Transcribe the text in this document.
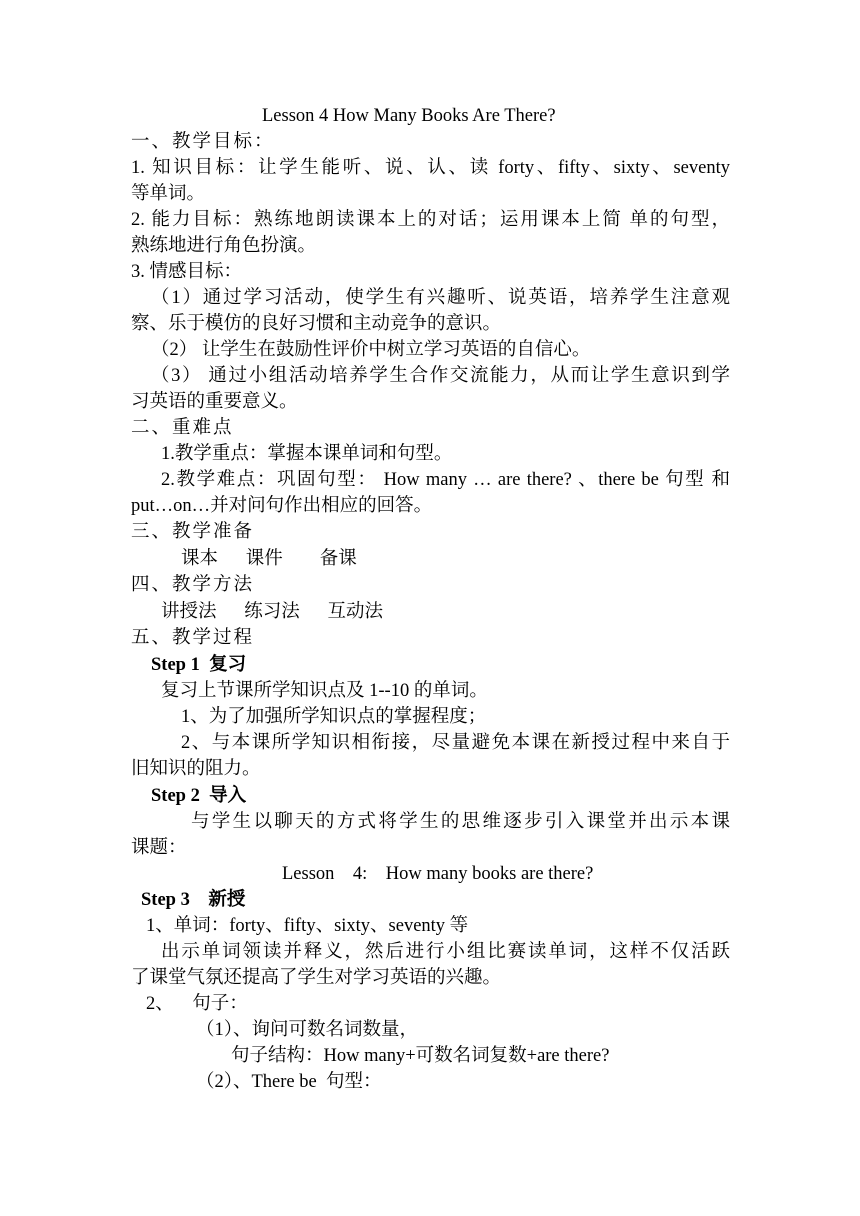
Lesson 4 How Many Books Are There?
一、教学目标：
1. 知识目标：让学生能听、说、认、读 forty、fifty、sixty、seventy
等单词。
2. 能力目标：熟练地朗读课本上的对话；运用课本上简 单的句型，
熟练地进行角色扮演。
3. 情感目标：
（1）通过学习活动，使学生有兴趣听、说英语，培养学生注意观
察、乐于模仿的良好习惯和主动竞争的意识。
（2） 让学生在鼓励性评价中树立学习英语的自信心。
（3） 通过小组活动培养学生合作交流能力，从而让学生意识到学
习英语的重要意义。
二、重难点
1.教学重点：掌握本课单词和句型。
2.教学难点：巩固句型： How many … are there? 、there be 句型 和
put…on…并对问句作出相应的回答。
三、教学准备
课本      课件        备课
四、教学方法
讲授法      练习法      互动法
五、教学过程
Step 1  复习
复习上节课所学知识点及 1--10 的单词。
1、为了加强所学知识点的掌握程度；
2、与本课所学知识相衔接，尽量避免本课在新授过程中来自于
旧知识的阻力。
Step 2  导入
与学生以聊天的方式将学生的思维逐步引入课堂并出示本课
课题：
Lesson    4:    How many books are there?
Step 3    新授
1、单词：forty、fifty、sixty、seventy 等
出示单词领读并释义，然后进行小组比赛读单词，这样不仅活跃
了课堂气氛还提高了学生对学习英语的兴趣。
2、    句子：
（1）、询问可数名词数量，
句子结构：How many+可数名词复数+are there?
（2）、There be  句型：
